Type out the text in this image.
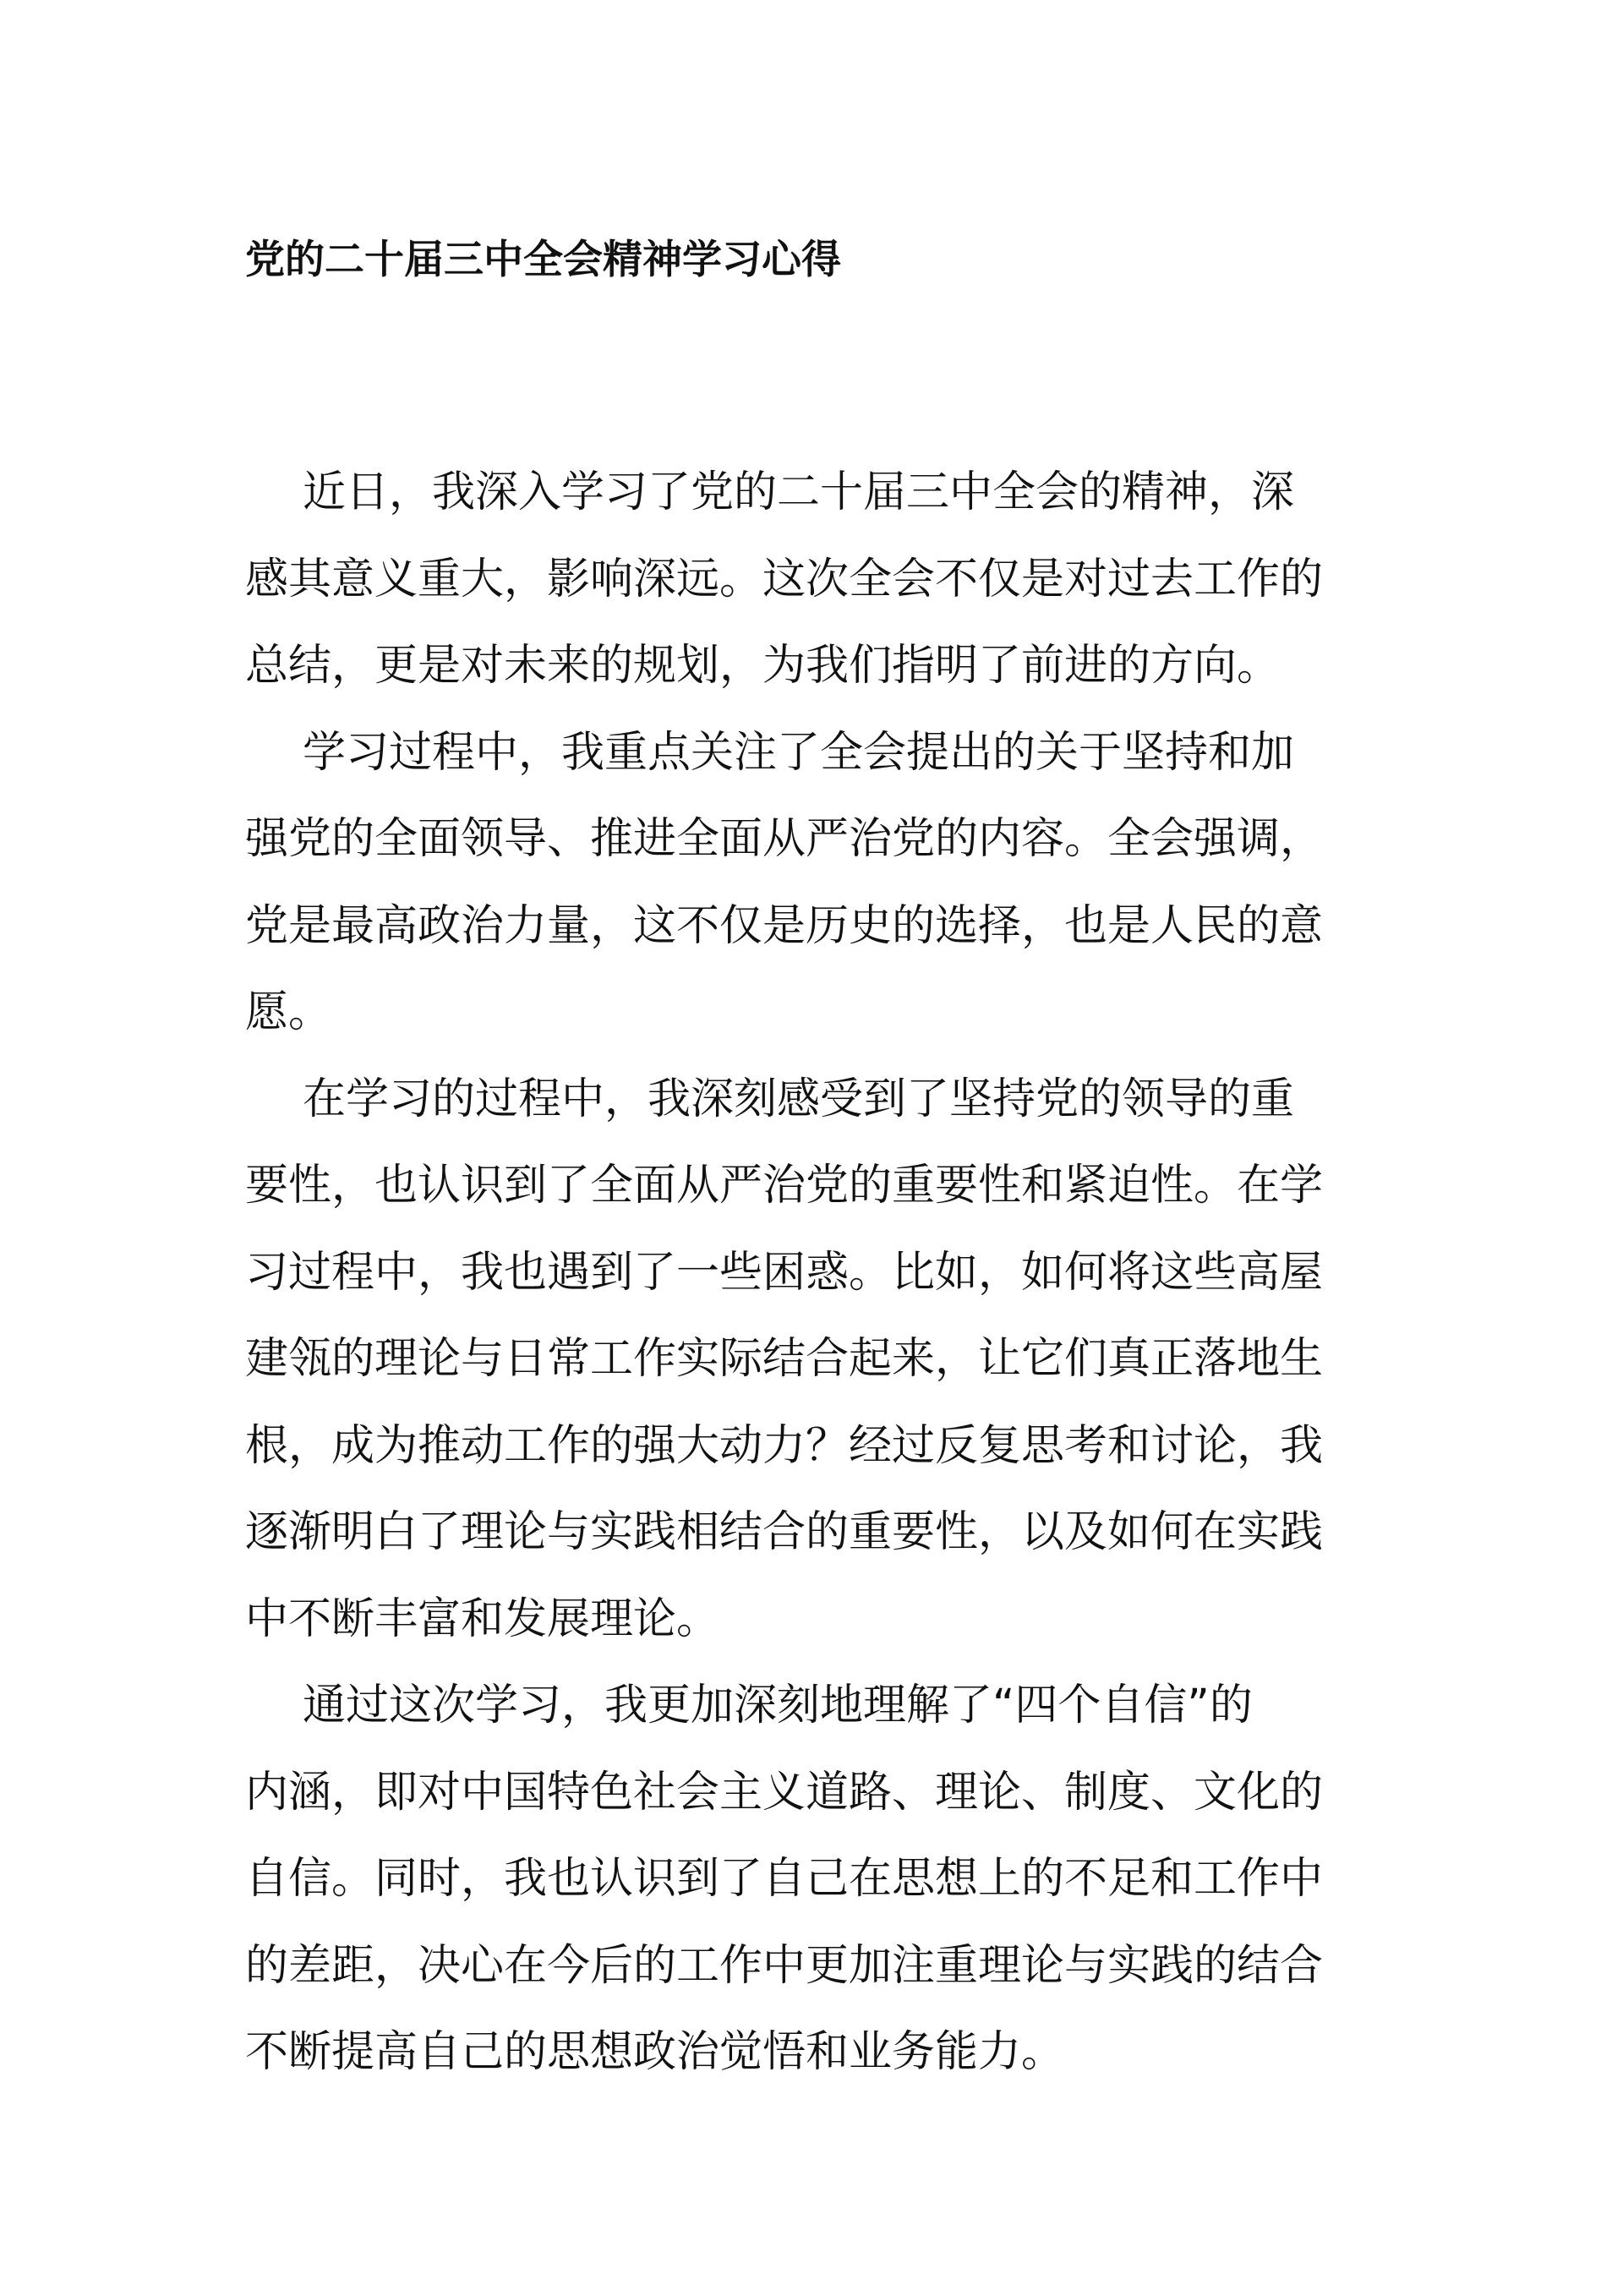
党的二十届三中全会精神学习心得

近日，我深入学习了党的二十届三中全会的精神，深
感其意义重大，影响深远。这次全会不仅是对过去工作的
总结，更是对未来的规划，为我们指明了前进的方向。

学习过程中，我重点关注了全会提出的关于坚持和加
强党的全面领导、推进全面从严治党的内容。全会强调，
党是最高政治力量，这不仅是历史的选择，也是人民的意
愿。

在学习的过程中，我深刻感受到了坚持党的领导的重
要性，也认识到了全面从严治党的重要性和紧迫性。在学
习过程中，我也遇到了一些困惑。比如，如何将这些高屋
建瓴的理论与日常工作实际结合起来，让它们真正落地生
根，成为推动工作的强大动力？经过反复思考和讨论，我
逐渐明白了理论与实践相结合的重要性，以及如何在实践
中不断丰富和发展理论。

通过这次学习，我更加深刻地理解了“四个自信”的
内涵，即对中国特色社会主义道路、理论、制度、文化的
自信。同时，我也认识到了自己在思想上的不足和工作中
的差距，决心在今后的工作中更加注重理论与实践的结合
不断提高自己的思想政治觉悟和业务能力。
